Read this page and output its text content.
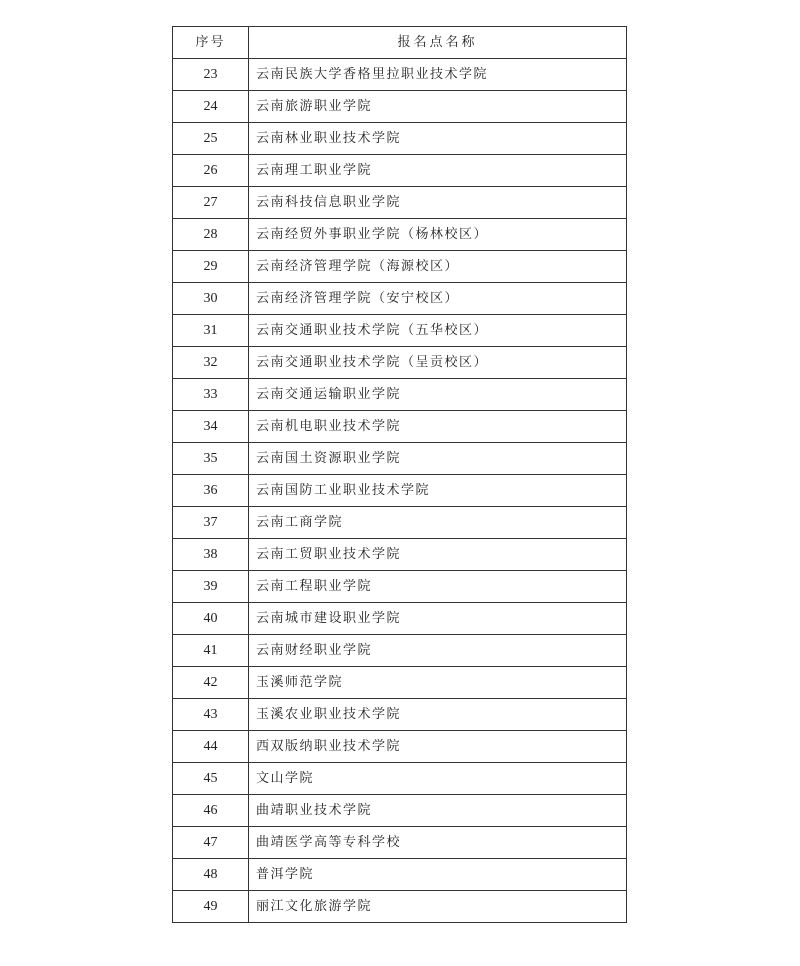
序号	报名点名称
23	云南民族大学香格里拉职业技术学院
24	云南旅游职业学院
25	云南林业职业技术学院
26	云南理工职业学院
27	云南科技信息职业学院
28	云南经贸外事职业学院（杨林校区）
29	云南经济管理学院（海源校区）
30	云南经济管理学院（安宁校区）
31	云南交通职业技术学院（五华校区）
32	云南交通职业技术学院（呈贡校区）
33	云南交通运输职业学院
34	云南机电职业技术学院
35	云南国土资源职业学院
36	云南国防工业职业技术学院
37	云南工商学院
38	云南工贸职业技术学院
39	云南工程职业学院
40	云南城市建设职业学院
41	云南财经职业学院
42	玉溪师范学院
43	玉溪农业职业技术学院
44	西双版纳职业技术学院
45	文山学院
46	曲靖职业技术学院
47	曲靖医学高等专科学校
48	普洱学院
49	丽江文化旅游学院
